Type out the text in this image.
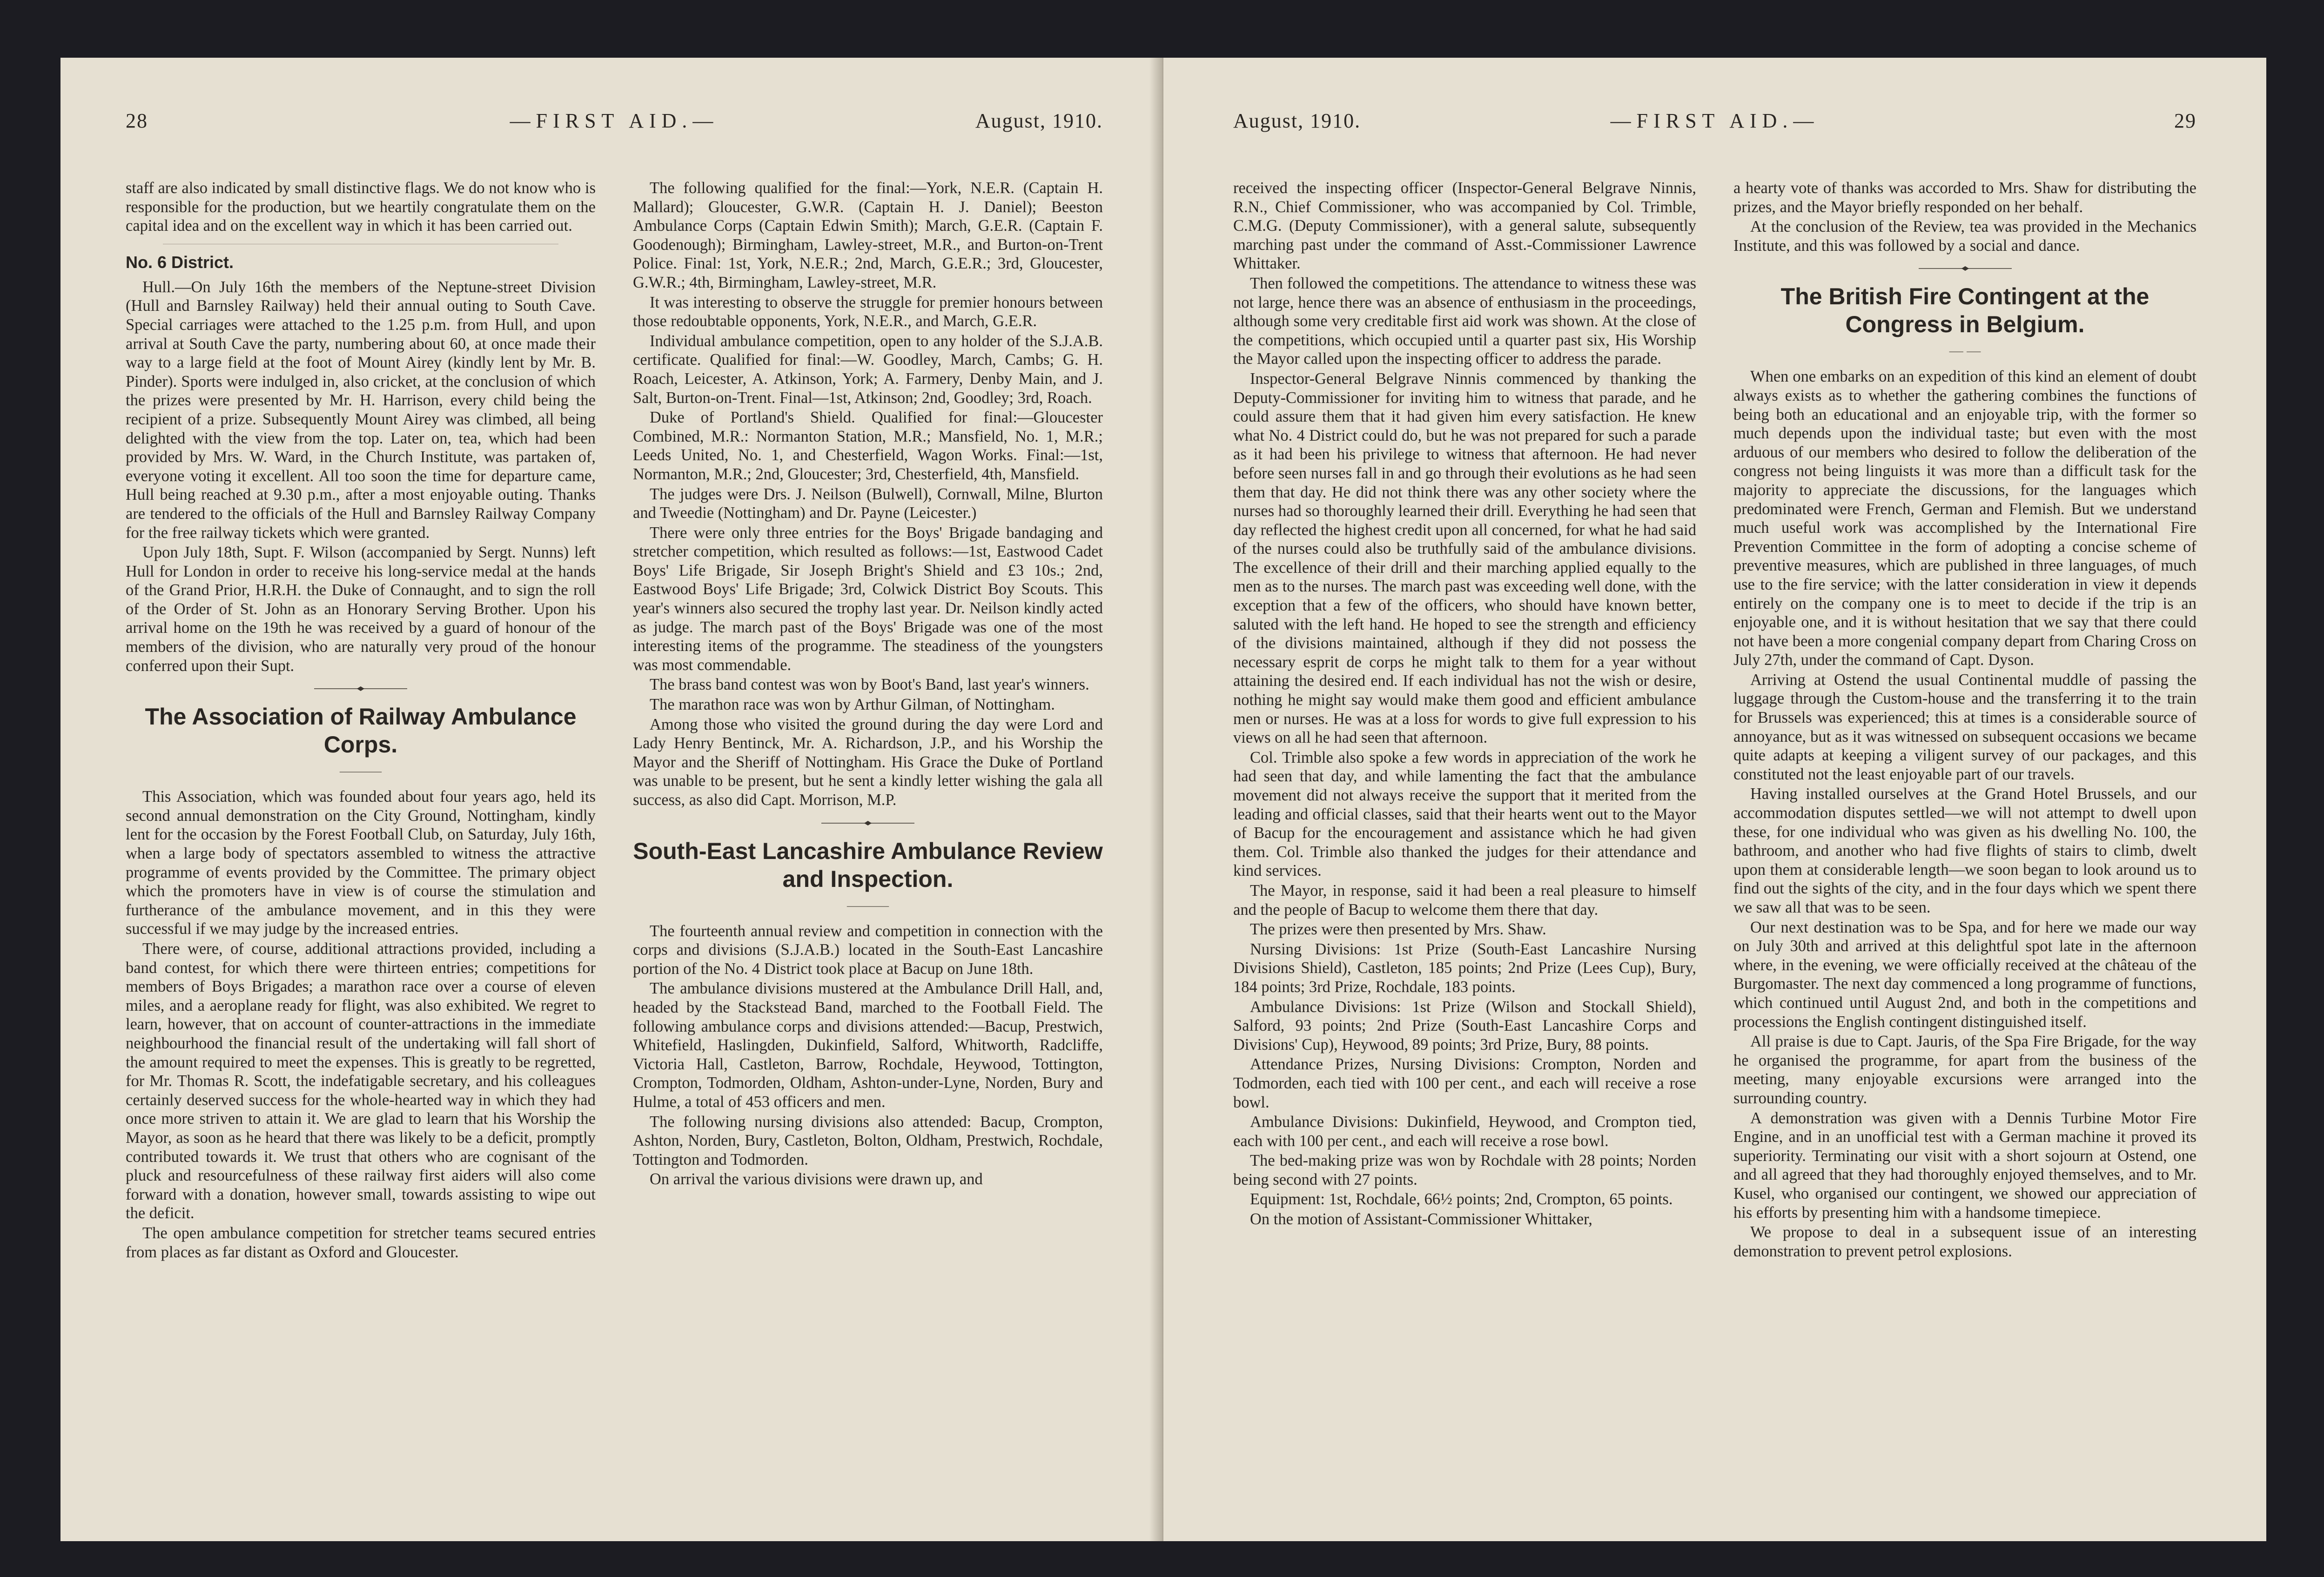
28	—FIRST AID.—	August, 1910.

staff are also indicated by small distinctive flags. We do not know who is responsible for the production, but we heartily congratulate them on the capital idea and on the excellent way in which it has been carried out.

No. 6 District.

Hull.—On July 16th the members of the Neptune-street Division (Hull and Barnsley Railway) held their annual outing to South Cave. Special carriages were attached to the 1.25 p.m. from Hull, and upon arrival at South Cave the party, numbering about 60, at once made their way to a large field at the foot of Mount Airey (kindly lent by Mr. B. Pinder). Sports were indulged in, also cricket, at the conclusion of which the prizes were presented by Mr. H. Harrison, every child being the recipient of a prize. Subsequently Mount Airey was climbed, all being delighted with the view from the top. Later on, tea, which had been provided by Mrs. W. Ward, in the Church Institute, was partaken of, everyone voting it excellent. All too soon the time for departure came, Hull being reached at 9.30 p.m., after a most enjoyable outing. Thanks are tendered to the officials of the Hull and Barnsley Railway Company for the free railway tickets which were granted.

Upon July 18th, Supt. F. Wilson (accompanied by Sergt. Nunns) left Hull for London in order to receive his long-service medal at the hands of the Grand Prior, H.R.H. the Duke of Connaught, and to sign the roll of the Order of St. John as an Honorary Serving Brother. Upon his arrival home on the 19th he was received by a guard of honour of the members of the division, who are naturally very proud of the honour conferred upon their Supt.

The Association of Railway Ambulance Corps.
———

This Association, which was founded about four years ago, held its second annual demonstration on the City Ground, Nottingham, kindly lent for the occasion by the Forest Football Club, on Saturday, July 16th, when a large body of spectators assembled to witness the attractive programme of events provided by the Committee. The primary object which the promoters have in view is of course the stimulation and furtherance of the ambulance movement, and in this they were successful if we may judge by the increased entries.

There were, of course, additional attractions provided, including a band contest, for which there were thirteen entries; competitions for members of Boys Brigades; a marathon race over a course of eleven miles, and a aeroplane ready for flight, was also exhibited. We regret to learn, however, that on account of counter-attractions in the immediate neighbourhood the financial result of the undertaking will fall short of the amount required to meet the expenses. This is greatly to be regretted, for Mr. Thomas R. Scott, the indefatigable secretary, and his colleagues certainly deserved success for the whole-hearted way in which they had once more striven to attain it. We are glad to learn that his Worship the Mayor, as soon as he heard that there was likely to be a deficit, promptly contributed towards it. We trust that others who are cognisant of the pluck and resourcefulness of these railway first aiders will also come forward with a donation, however small, towards assisting to wipe out the deficit.

The open ambulance competition for stretcher teams secured entries from places as far distant as Oxford and Gloucester.

The following qualified for the final:—York, N.E.R. (Captain H. Mallard); Gloucester, G.W.R. (Captain H. J. Daniel); Beeston Ambulance Corps (Captain Edwin Smith); March, G.E.R. (Captain F. Goodenough); Birmingham, Lawley-street, M.R., and Burton-on-Trent Police. Final: 1st, York, N.E.R.; 2nd, March, G.E.R.; 3rd, Gloucester, G.W.R.; 4th, Birmingham, Lawley-street, M.R.

It was interesting to observe the struggle for premier honours between those redoubtable opponents, York, N.E.R., and March, G.E.R.

Individual ambulance competition, open to any holder of the S.J.A.B. certificate. Qualified for final:—W. Goodley, March, Cambs; G. H. Roach, Leicester, A. Atkinson, York; A. Farmery, Denby Main, and J. Salt, Burton-on-Trent. Final—1st, Atkinson; 2nd, Goodley; 3rd, Roach.

Duke of Portland's Shield. Qualified for final:—Gloucester Combined, M.R.: Normanton Station, M.R.; Mansfield, No. 1, M.R.; Leeds United, No. 1, and Chesterfield, Wagon Works. Final:—1st, Normanton, M.R.; 2nd, Gloucester; 3rd, Chesterfield, 4th, Mansfield.

The judges were Drs. J. Neilson (Bulwell), Cornwall, Milne, Blurton and Tweedie (Nottingham) and Dr. Payne (Leicester.)

There were only three entries for the Boys' Brigade bandaging and stretcher competition, which resulted as follows:—1st, Eastwood Cadet Boys' Life Brigade, Sir Joseph Bright's Shield and £3 10s.; 2nd, Eastwood Boys' Life Brigade; 3rd, Colwick District Boy Scouts. This year's winners also secured the trophy last year. Dr. Neilson kindly acted as judge. The march past of the Boys' Brigade was one of the most interesting items of the programme. The steadiness of the youngsters was most commendable.

The brass band contest was won by Boot's Band, last year's winners.

The marathon race was won by Arthur Gilman, of Nottingham.

Among those who visited the ground during the day were Lord and Lady Henry Bentinck, Mr. A. Richardson, J.P., and his Worship the Mayor and the Sheriff of Nottingham. His Grace the Duke of Portland was unable to be present, but he sent a kindly letter wishing the gala all success, as also did Capt. Morrison, M.P.

South-East Lancashire Ambulance Review and Inspection.
———

The fourteenth annual review and competition in connection with the corps and divisions (S.J.A.B.) located in the South-East Lancashire portion of the No. 4 District took place at Bacup on June 18th.

The ambulance divisions mustered at the Ambulance Drill Hall, and, headed by the Stackstead Band, marched to the Football Field. The following ambulance corps and divisions attended:—Bacup, Prestwich, Whitefield, Haslingden, Dukinfield, Salford, Whitworth, Radcliffe, Victoria Hall, Castleton, Barrow, Rochdale, Heywood, Tottington, Crompton, Todmorden, Oldham, Ashton-under-Lyne, Norden, Bury and Hulme, a total of 453 officers and men.

The following nursing divisions also attended: Bacup, Crompton, Ashton, Norden, Bury, Castleton, Bolton, Oldham, Prestwich, Rochdale, Tottington and Todmorden.

On arrival the various divisions were drawn up, and

August, 1910.	—FIRST AID.—	29

received the inspecting officer (Inspector-General Belgrave Ninnis, R.N., Chief Commissioner, who was accompanied by Col. Trimble, C.M.G. (Deputy Commissioner), with a general salute, subsequently marching past under the command of Asst.-Commissioner Lawrence Whittaker.

Then followed the competitions. The attendance to witness these was not large, hence there was an absence of enthusiasm in the proceedings, although some very creditable first aid work was shown. At the close of the competitions, which occupied until a quarter past six, His Worship the Mayor called upon the inspecting officer to address the parade.

Inspector-General Belgrave Ninnis commenced by thanking the Deputy-Commissioner for inviting him to witness that parade, and he could assure them that it had given him every satisfaction. He knew what No. 4 District could do, but he was not prepared for such a parade as it had been his privilege to witness that afternoon. He had never before seen nurses fall in and go through their evolutions as he had seen them that day. He did not think there was any other society where the nurses had so thoroughly learned their drill. Everything he had seen that day reflected the highest credit upon all concerned, for what he had said of the nurses could also be truthfully said of the ambulance divisions. The excellence of their drill and their marching applied equally to the men as to the nurses. The march past was exceeding well done, with the exception that a few of the officers, who should have known better, saluted with the left hand. He hoped to see the strength and efficiency of the divisions maintained, although if they did not possess the necessary esprit de corps he might talk to them for a year without attaining the desired end. If each individual has not the wish or desire, nothing he might say would make them good and efficient ambulance men or nurses. He was at a loss for words to give full expression to his views on all he had seen that afternoon.

Col. Trimble also spoke a few words in appreciation of the work he had seen that day, and while lamenting the fact that the ambulance movement did not always receive the support that it merited from the leading and official classes, said that their hearts went out to the Mayor of Bacup for the encouragement and assistance which he had given them. Col. Trimble also thanked the judges for their attendance and kind services.

The Mayor, in response, said it had been a real pleasure to himself and the people of Bacup to welcome them there that day.

The prizes were then presented by Mrs. Shaw.

Nursing Divisions: 1st Prize (South-East Lancashire Nursing Divisions Shield), Castleton, 185 points; 2nd Prize (Lees Cup), Bury, 184 points; 3rd Prize, Rochdale, 183 points.

Ambulance Divisions: 1st Prize (Wilson and Stockall Shield), Salford, 93 points; 2nd Prize (South-East Lancashire Corps and Divisions' Cup), Heywood, 89 points; 3rd Prize, Bury, 88 points.

Attendance Prizes, Nursing Divisions: Crompton, Norden and Todmorden, each tied with 100 per cent., and each will receive a rose bowl.

Ambulance Divisions: Dukinfield, Heywood, and Crompton tied, each with 100 per cent., and each will receive a rose bowl.

The bed-making prize was won by Rochdale with 28 points; Norden being second with 27 points.

Equipment: 1st, Rochdale, 66½ points; 2nd, Crompton, 65 points.

On the motion of Assistant-Commissioner Whittaker,

a hearty vote of thanks was accorded to Mrs. Shaw for distributing the prizes, and the Mayor briefly responded on her behalf.

At the conclusion of the Review, tea was provided in the Mechanics Institute, and this was followed by a social and dance.

The British Fire Contingent at the Congress in Belgium.
— —

When one embarks on an expedition of this kind an element of doubt always exists as to whether the gathering combines the functions of being both an educational and an enjoyable trip, with the former so much depends upon the individual taste; but even with the most arduous of our members who desired to follow the deliberation of the congress not being linguists it was more than a difficult task for the majority to appreciate the discussions, for the languages which predominated were French, German and Flemish. But we understand much useful work was accomplished by the International Fire Prevention Committee in the form of adopting a concise scheme of preventive measures, which are published in three languages, of much use to the fire service; with the latter consideration in view it depends entirely on the company one is to meet to decide if the trip is an enjoyable one, and it is without hesitation that we say that there could not have been a more congenial company depart from Charing Cross on July 27th, under the command of Capt. Dyson.

Arriving at Ostend the usual Continental muddle of passing the luggage through the Custom-house and the transferring it to the train for Brussels was experienced; this at times is a considerable source of annoyance, but as it was witnessed on subsequent occasions we became quite adapts at keeping a viligent survey of our packages, and this constituted not the least enjoyable part of our travels.

Having installed ourselves at the Grand Hotel Brussels, and our accommodation disputes settled—we will not attempt to dwell upon these, for one individual who was given as his dwelling No. 100, the bathroom, and another who had five flights of stairs to climb, dwelt upon them at considerable length—we soon began to look around us to find out the sights of the city, and in the four days which we spent there we saw all that was to be seen.

Our next destination was to be Spa, and for here we made our way on July 30th and arrived at this delightful spot late in the afternoon where, in the evening, we were officially received at the château of the Burgomaster. The next day commenced a long programme of functions, which continued until August 2nd, and both in the competitions and processions the English contingent distinguished itself.

All praise is due to Capt. Jauris, of the Spa Fire Brigade, for the way he organised the programme, for apart from the business of the meeting, many enjoyable excursions were arranged into the surrounding country.

A demonstration was given with a Dennis Turbine Motor Fire Engine, and in an unofficial test with a German machine it proved its superiority. Terminating our visit with a short sojourn at Ostend, one and all agreed that they had thoroughly enjoyed themselves, and to Mr. Kusel, who organised our contingent, we showed our appreciation of his efforts by presenting him with a handsome timepiece.

We propose to deal in a subsequent issue of an interesting demonstration to prevent petrol explosions.
